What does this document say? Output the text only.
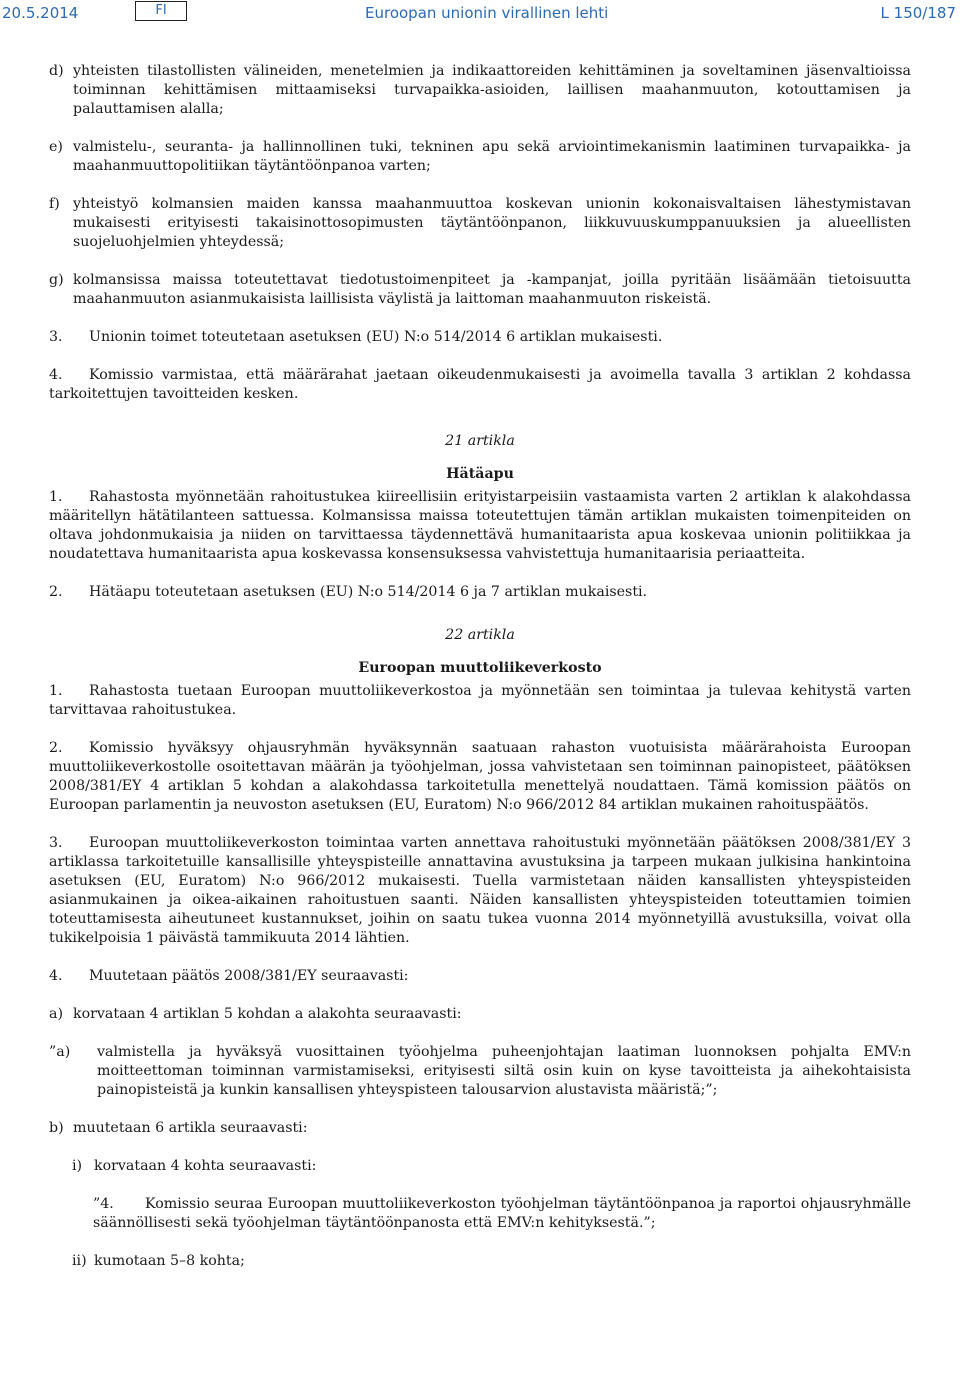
20.5.2014	FI	Euroopan unionin virallinen lehti	L 150/187

d) yhteisten tilastollisten välineiden, menetelmien ja indikaattoreiden kehittäminen ja soveltaminen jäsenvaltioissa toiminnan kehittämisen mittaamiseksi turvapaikka-asioiden, laillisen maahanmuuton, kotouttamisen ja palauttamisen alalla;

e) valmistelu-, seuranta- ja hallinnollinen tuki, tekninen apu sekä arviointimekanismin laatiminen turvapaikka- ja maahanmuuttopolitiikan täytäntöönpanoa varten;

f) yhteistyö kolmansien maiden kanssa maahanmuuttoa koskevan unionin kokonaisvaltaisen lähestymistavan mukaisesti erityisesti takaisinottosopimusten täytäntöönpanon, liikkuvuuskumppanuuksien ja alueellisten suojeluohjelmien yhteydessä;

g) kolmansissa maissa toteutettavat tiedotustoimenpiteet ja -kampanjat, joilla pyritään lisäämään tietoisuutta maahanmuuton asianmukaisista laillisista väylistä ja laittoman maahanmuuton riskeistä.

3. Unionin toimet toteutetaan asetuksen (EU) N:o 514/2014 6 artiklan mukaisesti.

4. Komissio varmistaa, että määrärahat jaetaan oikeudenmukaisesti ja avoimella tavalla 3 artiklan 2 kohdassa tarkoitettujen tavoitteiden kesken.

21 artikla

Hätäapu

1. Rahastosta myönnetään rahoitustukea kiireellisiin erityistarpeisiin vastaamista varten 2 artiklan k alakohdassa määritellyn hätätilanteen sattuessa. Kolmansissa maissa toteutettujen tämän artiklan mukaisten toimenpiteiden on oltava johdonmukaisia ja niiden on tarvittaessa täydennettävä humanitaarista apua koskevaa unionin politiikkaa ja noudatettava humanitaarista apua koskevassa konsensuksessa vahvistettuja humanitaarisia periaatteita.

2. Hätäapu toteutetaan asetuksen (EU) N:o 514/2014 6 ja 7 artiklan mukaisesti.

22 artikla

Euroopan muuttoliikeverkosto

1. Rahastosta tuetaan Euroopan muuttoliikeverkostoa ja myönnetään sen toimintaa ja tulevaa kehitystä varten tarvittavaa rahoitustukea.

2. Komissio hyväksyy ohjausryhmän hyväksynnän saatuaan rahaston vuotuisista määrärahoista Euroopan muuttoliikeverkostolle osoitettavan määrän ja työohjelman, jossa vahvistetaan sen toiminnan painopisteet, päätöksen 2008/381/EY 4 artiklan 5 kohdan a alakohdassa tarkoitetulla menettelyä noudattaen. Tämä komission päätös on Euroopan parlamentin ja neuvoston asetuksen (EU, Euratom) N:o 966/2012 84 artiklan mukainen rahoituspäätös.

3. Euroopan muuttoliikeverkoston toimintaa varten annettava rahoitustuki myönnetään päätöksen 2008/381/EY 3 artiklassa tarkoitetuille kansallisille yhteyspisteille annattavina avustuksina ja tarpeen mukaan julkisina hankintoina asetuksen (EU, Euratom) N:o 966/2012 mukaisesti. Tuella varmistetaan näiden kansallisten yhteyspisteiden asianmukainen ja oikea-aikainen rahoitustuen saanti. Näiden kansallisten yhteyspisteiden toteuttamien toimien toteuttamisesta aiheutuneet kustannukset, joihin on saatu tukea vuonna 2014 myönnetyillä avustuksilla, voivat olla tukikelpoisia 1 päivästä tammikuuta 2014 lähtien.

4. Muutetaan päätös 2008/381/EY seuraavasti:

a) korvataan 4 artiklan 5 kohdan a alakohta seuraavasti:

”a) valmistella ja hyväksyä vuosittainen työohjelma puheenjohtajan laatiman luonnoksen pohjalta EMV:n moitteettoman toiminnan varmistamiseksi, erityisesti siltä osin kuin on kyse tavoitteista ja aihekohtaisista painopisteistä ja kunkin kansallisen yhteyspisteen talousarvion alustavista määristä;”;

b) muutetaan 6 artikla seuraavasti:

i) korvataan 4 kohta seuraavasti:

”4. Komissio seuraa Euroopan muuttoliikeverkoston työohjelman täytäntöönpanoa ja raportoi ohjausryhmälle säännöllisesti sekä työohjelman täytäntöönpanosta että EMV:n kehityksestä.”;

ii) kumotaan 5–8 kohta;
